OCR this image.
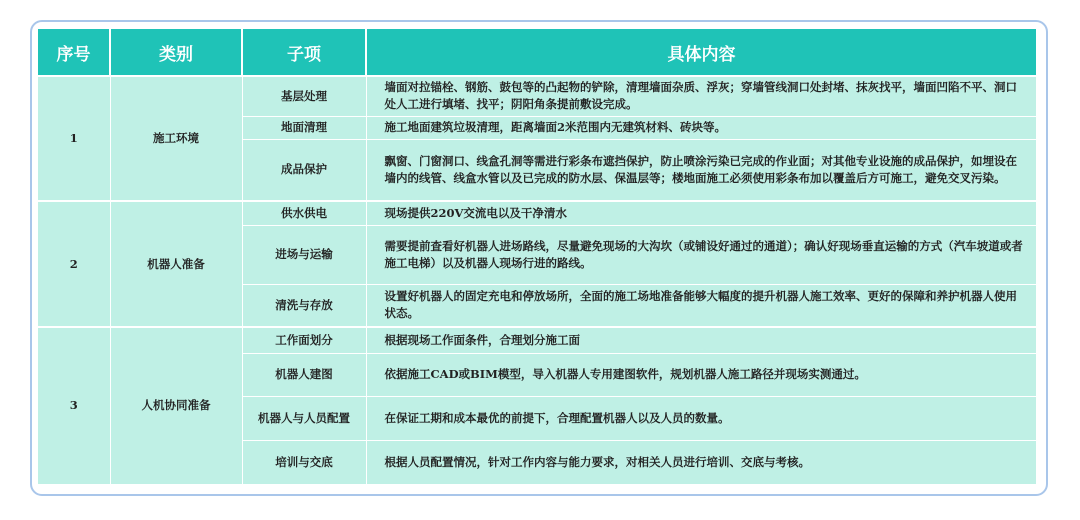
序号	类别	子项	具体内容
1	施工环境	基层处理	墙面对拉锚栓、钢筋、鼓包等的凸起物的铲除，清理墙面杂质、浮灰；穿墙管线洞口处封堵、抹灰找平，墙面凹陷不平、洞口处人工进行填堵、找平；阴阳角条提前敷设完成。
		地面清理	施工地面建筑垃圾清理，距离墙面2米范围内无建筑材料、砖块等。
		成品保护	飘窗、门窗洞口、线盒孔洞等需进行彩条布遮挡保护，防止喷涂污染已完成的作业面；对其他专业设施的成品保护，如埋设在墙内的线管、线盒水管以及已完成的防水层、保温层等；楼地面施工必须使用彩条布加以覆盖后方可施工，避免交叉污染。
2	机器人准备	供水供电	现场提供220V交流电以及干净清水
		进场与运输	需要提前查看好机器人进场路线，尽量避免现场的大沟坎（或铺设好通过的通道）；确认好现场垂直运输的方式（汽车坡道或者施工电梯）以及机器人现场行进的路线。
		清洗与存放	设置好机器人的固定充电和停放场所，全面的施工场地准备能够大幅度的提升机器人施工效率、更好的保障和养护机器人使用状态。
3	人机协同准备	工作面划分	根据现场工作面条件，合理划分施工面
		机器人建图	依据施工CAD或BIM模型，导入机器人专用建图软件，规划机器人施工路径并现场实测通过。
		机器人与人员配置	在保证工期和成本最优的前提下，合理配置机器人以及人员的数量。
		培训与交底	根据人员配置情况，针对工作内容与能力要求，对相关人员进行培训、交底与考核。
